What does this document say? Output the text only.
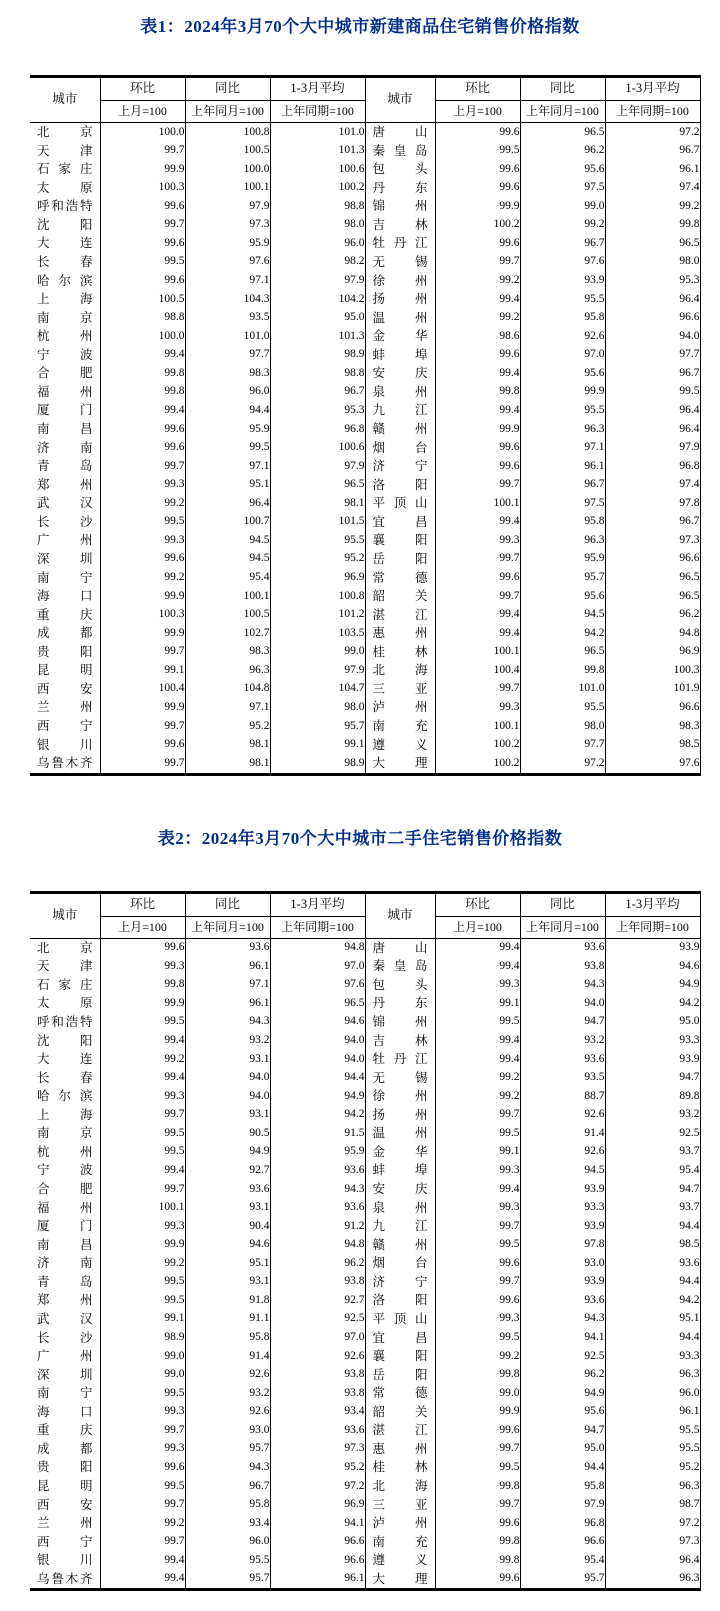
表1：2024年3月70个大中城市新建商品住宅销售价格指数
城市	环比	同比	1-3月平均	城市	环比	同比	1-3月平均
	上月=100	上年同月=100	上年同期=100		上月=100	上年同月=100	上年同期=100

北 京	100.0	100.8	101.0	唐 山	99.6	96.5	97.2

天 津	99.7	100.5	101.3	秦 皇 岛	99.5	96.2	96.7

石 家 庄	99.9	100.0	100.6	包 头	99.6	95.6	96.1

太 原	100.3	100.1	100.2	丹 东	99.6	97.5	97.4

呼 和 浩 特	99.6	97.9	98.8	锦 州	99.9	99.0	99.2

沈 阳	99.7	97.3	98.0	吉 林	100.2	99.2	99.8

大 连	99.6	95.9	96.0	牡 丹 江	99.6	96.7	96.5

长 春	99.5	97.6	98.2	无 锡	99.7	97.6	98.0

哈 尔 滨	99.6	97.1	97.9	徐 州	99.2	93.9	95.3

上 海	100.5	104.3	104.2	扬 州	99.4	95.5	96.4

南 京	98.8	93.5	95.0	温 州	99.2	95.8	96.6

杭 州	100.0	101.0	101.3	金 华	98.6	92.6	94.0

宁 波	99.4	97.7	98.9	蚌 埠	99.6	97.0	97.7

合 肥	99.8	98.3	98.8	安 庆	99.4	95.6	96.7

福 州	99.8	96.0	96.7	泉 州	99.8	99.9	99.5

厦 门	99.4	94.4	95.3	九 江	99.4	95.5	96.4

南 昌	99.6	95.9	96.8	赣 州	99.9	96.3	96.4

济 南	99.6	99.5	100.6	烟 台	99.6	97.1	97.9

青 岛	99.7	97.1	97.9	济 宁	99.6	96.1	96.8

郑 州	99.3	95.1	96.5	洛 阳	99.7	96.7	97.4

武 汉	99.2	96.4	98.1	平 顶 山	100.1	97.5	97.8

长 沙	99.5	100.7	101.5	宜 昌	99.4	95.8	96.7

广 州	99.3	94.5	95.5	襄 阳	99.3	96.3	97.3

深 圳	99.6	94.5	95.2	岳 阳	99.7	95.9	96.6

南 宁	99.2	95.4	96.9	常 德	99.6	95.7	96.5

海 口	99.9	100.1	100.8	韶 关	99.7	95.6	96.5

重 庆	100.3	100.5	101.2	湛 江	99.4	94.5	96.2

成 都	99.9	102.7	103.5	惠 州	99.4	94.2	94.8

贵 阳	99.7	98.3	99.0	桂 林	100.1	96.5	96.9

昆 明	99.1	96.3	97.9	北 海	100.4	99.8	100.3

西 安	100.4	104.8	104.7	三 亚	99.7	101.0	101.9

兰 州	99.9	97.1	98.0	泸 州	99.3	95.5	96.6

西 宁	99.7	95.2	95.7	南 充	100.1	98.0	98.3

银 川	99.6	98.1	99.1	遵 义	100.2	97.7	98.5

乌 鲁 木 齐	99.7	98.1	98.9	大 理	100.2	97.2	97.6
表2：2024年3月70个大中城市二手住宅销售价格指数
城市	环比	同比	1-3月平均	城市	环比	同比	1-3月平均
	上月=100	上年同月=100	上年同期=100		上月=100	上年同月=100	上年同期=100

北 京	99.6	93.6	94.8	唐 山	99.4	93.6	93.9

天 津	99.3	96.1	97.0	秦 皇 岛	99.4	93.8	94.6

石 家 庄	99.8	97.1	97.6	包 头	99.3	94.3	94.9

太 原	99.9	96.1	96.5	丹 东	99.1	94.0	94.2

呼 和 浩 特	99.5	94.3	94.6	锦 州	99.5	94.7	95.0

沈 阳	99.4	93.2	94.0	吉 林	99.4	93.2	93.3

大 连	99.2	93.1	94.0	牡 丹 江	99.4	93.6	93.9

长 春	99.4	94.0	94.4	无 锡	99.2	93.5	94.7

哈 尔 滨	99.3	94.0	94.9	徐 州	99.2	88.7	89.8

上 海	99.7	93.1	94.2	扬 州	99.7	92.6	93.2

南 京	99.5	90.5	91.5	温 州	99.5	91.4	92.5

杭 州	99.5	94.9	95.9	金 华	99.1	92.6	93.7

宁 波	99.4	92.7	93.6	蚌 埠	99.3	94.5	95.4

合 肥	99.7	93.6	94.3	安 庆	99.4	93.9	94.7

福 州	100.1	93.1	93.6	泉 州	99.3	93.3	93.7

厦 门	99.3	90.4	91.2	九 江	99.7	93.9	94.4

南 昌	99.9	94.6	94.8	赣 州	99.5	97.8	98.5

济 南	99.2	95.1	96.2	烟 台	99.6	93.0	93.6

青 岛	99.5	93.1	93.8	济 宁	99.7	93.9	94.4

郑 州	99.5	91.8	92.7	洛 阳	99.6	93.6	94.2

武 汉	99.1	91.1	92.5	平 顶 山	99.3	94.3	95.1

长 沙	98.9	95.8	97.0	宜 昌	99.5	94.1	94.4

广 州	99.0	91.4	92.6	襄 阳	99.2	92.5	93.3

深 圳	99.0	92.6	93.8	岳 阳	99.8	96.2	96.3

南 宁	99.5	93.2	93.8	常 德	99.0	94.9	96.0

海 口	99.3	92.6	93.4	韶 关	99.9	95.6	96.1

重 庆	99.7	93.0	93.6	湛 江	99.6	94.7	95.5

成 都	99.3	95.7	97.3	惠 州	99.7	95.0	95.5

贵 阳	99.6	94.3	95.2	桂 林	99.5	94.4	95.2

昆 明	99.5	96.7	97.2	北 海	99.8	95.8	96.3

西 安	99.7	95.8	96.9	三 亚	99.7	97.9	98.7

兰 州	99.2	93.4	94.1	泸 州	99.6	96.8	97.2

西 宁	99.7	96.0	96.6	南 充	99.8	96.6	97.3

银 川	99.4	95.5	96.6	遵 义	99.8	95.4	96.4

乌 鲁 木 齐	99.4	95.7	96.1	大 理	99.6	95.7	96.3
